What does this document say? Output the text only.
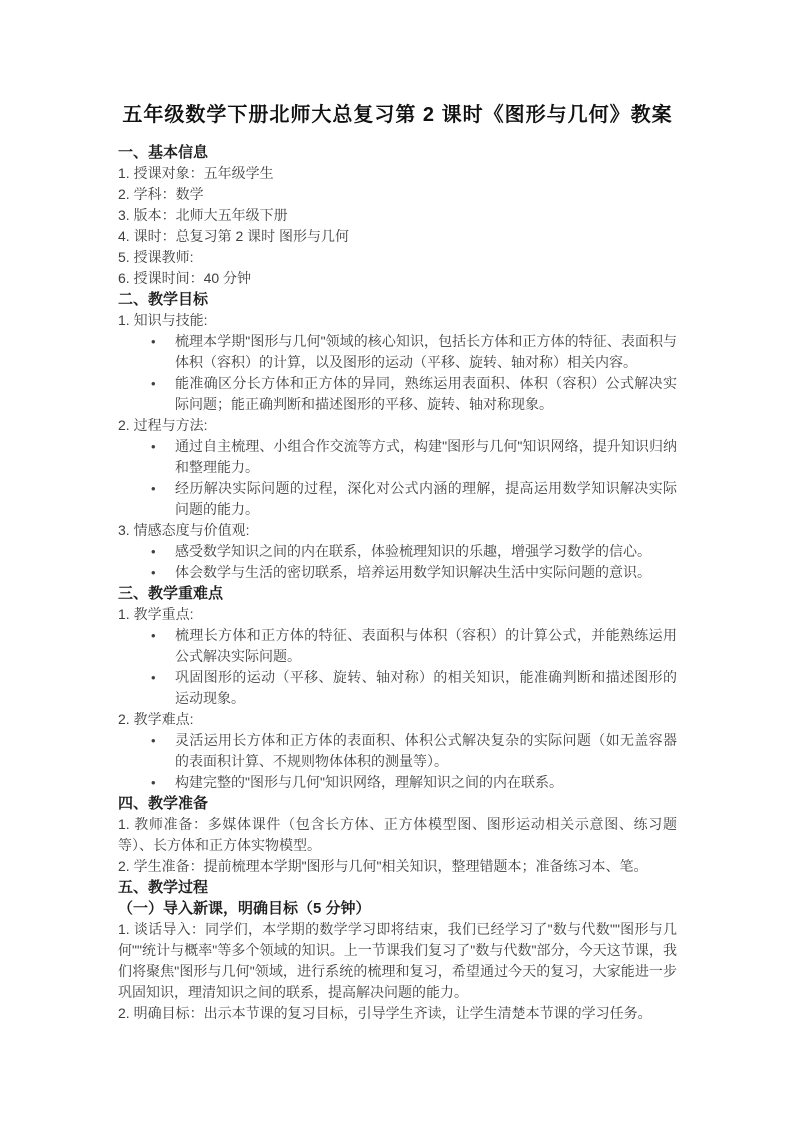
五年级数学下册北师大总复习第 2 课时《图形与几何》教案
一、基本信息

1. 授课对象：五年级学生

2. 学科：数学

3. 版本：北师大五年级下册

4. 课时：总复习第 2 课时 图形与几何

5. 授课教师:

6. 授课时间：40 分钟

二、教学目标

1. 知识与技能:

• 梳理本学期"图形与几何"领域的核心知识，包括长方体和正方体的特征、表面积与体积（容积）的计算，以及图形的运动（平移、旋转、轴对称）相关内容。
• 能准确区分长方体和正方体的异同，熟练运用表面积、体积（容积）公式解决实际问题；能正确判断和描述图形的平移、旋转、轴对称现象。

2. 过程与方法:

• 通过自主梳理、小组合作交流等方式，构建"图形与几何"知识网络，提升知识归纳和整理能力。
• 经历解决实际问题的过程，深化对公式内涵的理解，提高运用数学知识解决实际问题的能力。

3. 情感态度与价值观:

• 感受数学知识之间的内在联系，体验梳理知识的乐趣，增强学习数学的信心。
• 体会数学与生活的密切联系，培养运用数学知识解决生活中实际问题的意识。
三、教学重难点

1. 教学重点:

• 梳理长方体和正方体的特征、表面积与体积（容积）的计算公式，并能熟练运用公式解决实际问题。
• 巩固图形的运动（平移、旋转、轴对称）的相关知识，能准确判断和描述图形的运动现象。

2. 教学难点:

• 灵活运用长方体和正方体的表面积、体积公式解决复杂的实际问题（如无盖容器的表面积计算、不规则物体体积的测量等）。
• 构建完整的"图形与几何"知识网络，理解知识之间的内在联系。
四、教学准备

1. 教师准备：多媒体课件（包含长方体、正方体模型图、图形运动相关示意图、练习题等）、长方体和正方体实物模型。

2. 学生准备：提前梳理本学期"图形与几何"相关知识，整理错题本；准备练习本、笔。

五、教学过程
（一）导入新课，明确目标（5 分钟）

1. 谈话导入：同学们，本学期的数学学习即将结束，我们已经学习了"数与代数""图形与几何""统计与概率"等多个领域的知识。上一节课我们复习了"数与代数"部分，今天这节课，我们将聚焦"图形与几何"领域，进行系统的梳理和复习，希望通过今天的复习，大家能进一步巩固知识，理清知识之间的联系，提高解决问题的能力。

2. 明确目标：出示本节课的复习目标，引导学生齐读，让学生清楚本节课的学习任务。
